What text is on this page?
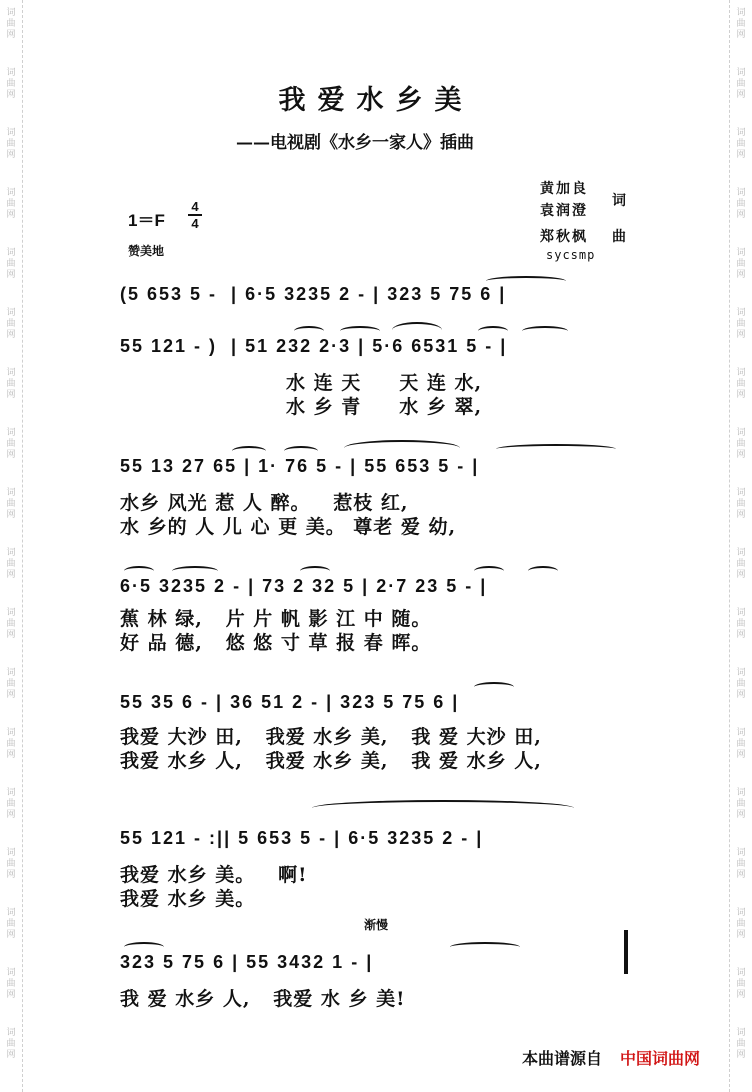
词
曲
网
词
曲
网
词
曲
网
词
曲
网
词
曲
网
词
曲
网
词
曲
网
词
曲
网
词
曲
网
词
曲
网
词
曲
网
词
曲
网
词
曲
网
词
曲
网
词
曲
网
词
曲
网
词
曲
网
词
曲
网
词
曲
网
词
曲
网
词
曲
网
词
曲
网
词
曲
网
词
曲
网
词
曲
网
词
曲
网
词
曲
网
词
曲
网
词
曲
网
词
曲
网
词
曲
网
词
曲
网
词
曲
网
词
曲
网
词
曲
网
词
曲
网
我爱水乡美
——电视剧《水乡一家人》插曲
黄加良
词
袁润澄
郑秋枫 曲
sycsmp
1＝F
4
4
赞美地
(5 653 5 -  | 6·5 3235 2 - | 323 5 75 6 |
55 121 - )  | 51 232 2·3 | 5·6 6531 5 - |
水 连 天     天 连 水,
水 乡 青     水 乡 翠,
55 13 27 65 | 1· 76 5 - | 55 653 5 - |
水乡 风光 惹 人 醉。   惹枝 红,
水 乡的 人 儿 心 更 美。 尊老 爱 幼,
6·5 3235 2 - | 73 2 32 5 | 2·7 23 5 - |
蕉 林 绿,   片 片 帆 影 江 中 随。
好 品 德,   悠 悠 寸 草 报 春 晖。
55 35 6 - | 36 51 2 - | 323 5 75 6 |
我爱 大沙 田,   我爱 水乡 美,   我 爱 大沙 田,
我爱 水乡 人,   我爱 水乡 美,   我 爱 水乡 人,
55 121 - :|| 5 653 5 - | 6·5 3235 2 - |
我爱 水乡 美。   啊!
我爱 水乡 美。
渐慢
323 5 75 6 | 55 3432 1 - |
我 爱 水乡 人,   我爱 水 乡 美!
本曲谱源自 中国词曲网
